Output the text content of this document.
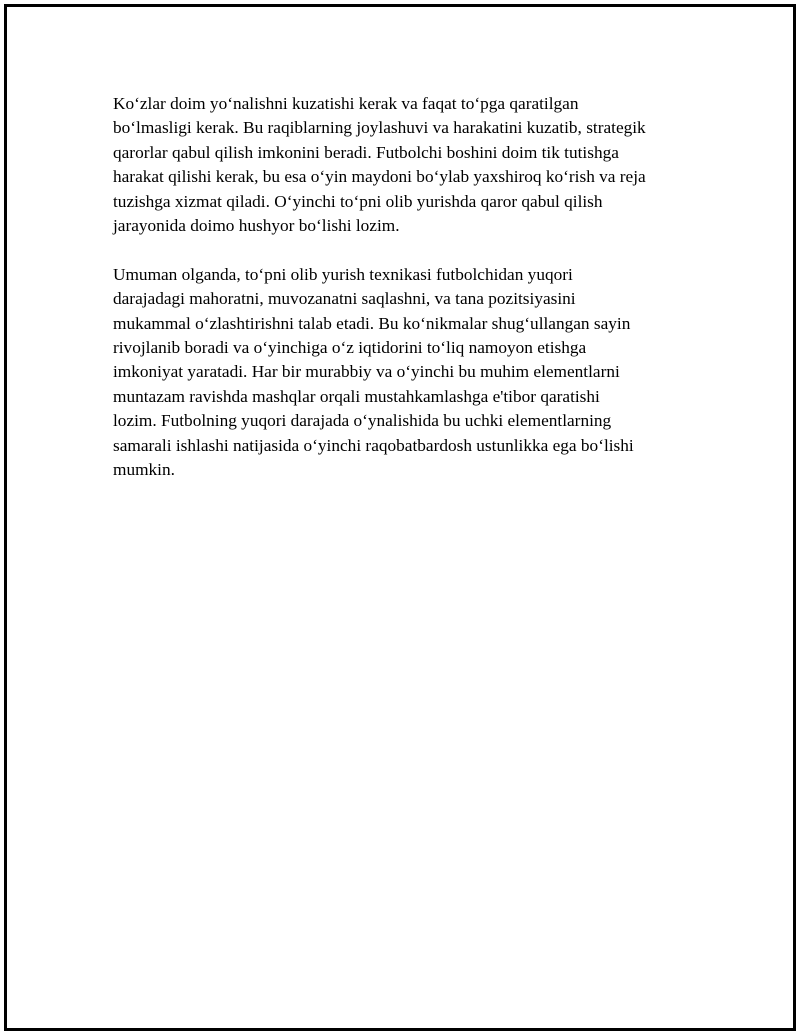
Koʻzlar doim yoʻnalishni kuzatishi kerak va faqat toʻpga qaratilgan
boʻlmasligi kerak. Bu raqiblarning joylashuvi va harakatini kuzatib, strategik
qarorlar qabul qilish imkonini beradi. Futbolchi boshini doim tik tutishga
harakat qilishi kerak, bu esa oʻyin maydoni boʻylab yaxshiroq koʻrish va reja
tuzishga xizmat qiladi. Oʻyinchi toʻpni olib yurishda qaror qabul qilish
jarayonida doimo hushyor boʻlishi lozim.

Umuman olganda, toʻpni olib yurish texnikasi futbolchidan yuqori
darajadagi mahoratni, muvozanatni saqlashni, va tana pozitsiyasini
mukammal oʻzlashtirishni talab etadi. Bu koʻnikmalar shugʻullangan sayin
rivojlanib boradi va oʻyinchiga oʻz iqtidorini toʻliq namoyon etishga
imkoniyat yaratadi. Har bir murabbiy va oʻyinchi bu muhim elementlarni
muntazam ravishda mashqlar orqali mustahkamlashga e'tibor qaratishi
lozim. Futbolning yuqori darajada oʻynalishida bu uchki elementlarning
samarali ishlashi natijasida oʻyinchi raqobatbardosh ustunlikka ega boʻlishi
mumkin.
